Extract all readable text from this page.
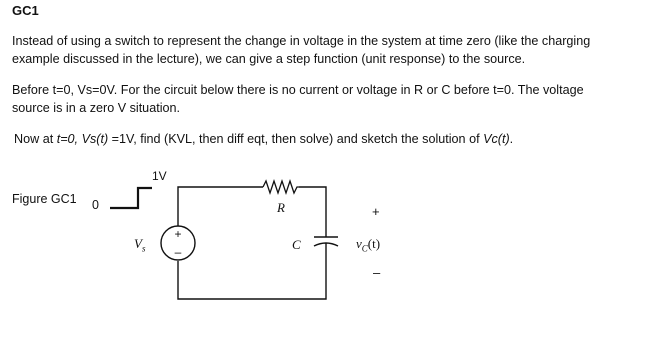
GC1
Instead of using a switch to represent the change in voltage in the system at time zero (like the charging
example discussed in the lecture), we can give a step function (unit response) to the source.
Before t=0, Vs=0V. For the circuit below there is no current or voltage in R or C before t=0. The voltage
source is in a zero V situation.
Now at t=0, Vs(t) =1V, find (KVL, then diff eqt, then solve) and sketch the solution of Vc(t).
Figure GC1 0
1V
$V_s$
R
C
+
$v_C(t)$
–
+
–
